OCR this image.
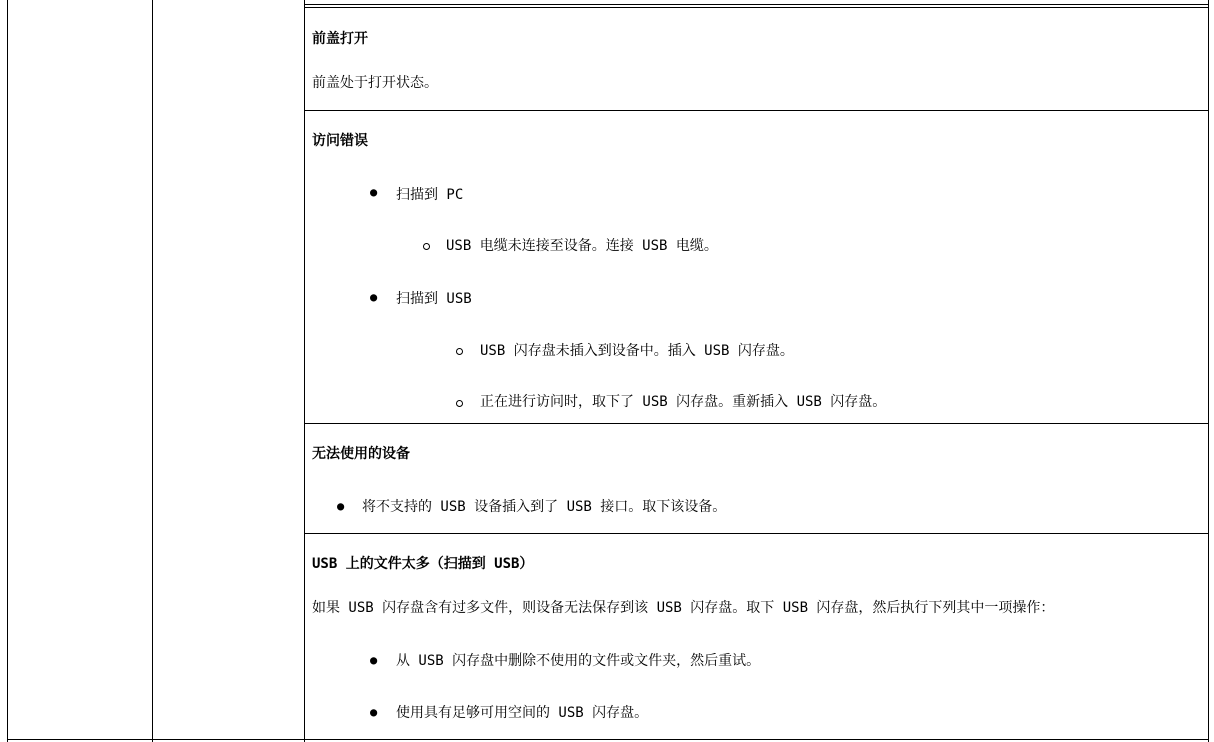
前盖打开
前盖处于打开状态。
访问错误
● 扫描到 PC
USB 电缆未连接至设备。连接 USB 电缆。
● 扫描到 USB
USB 闪存盘未插入到设备中。插入 USB 闪存盘。
正在进行访问时，取下了 USB 闪存盘。重新插入 USB 闪存盘。
无法使用的设备
● 将不支持的 USB 设备插入到了 USB 接口。取下该设备。
USB 上的文件太多（扫描到 USB）
如果 USB 闪存盘含有过多文件，则设备无法保存到该 USB 闪存盘。取下 USB 闪存盘，然后执行下列其中一项操作：
● 从 USB 闪存盘中删除不使用的文件或文件夹，然后重试。
● 使用具有足够可用空间的 USB 闪存盘。
